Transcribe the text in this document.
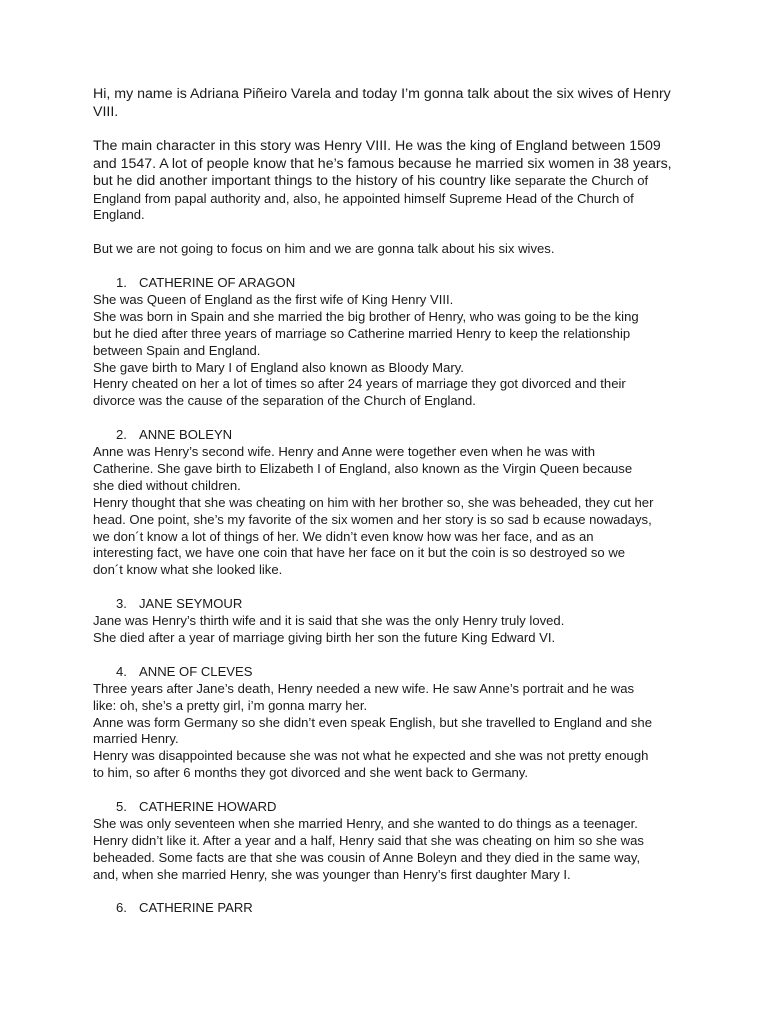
Hi, my name is Adriana Piñeiro Varela and today I’m gonna talk about the six wives of Henry
VIII.
The main character in this story was Henry VIII. He was the king of England between 1509
and 1547. A lot of people know that he’s famous because he married six women in 38 years,
but he did another important things to the history of his country like separate the Church of
England from papal authority and, also, he appointed himself Supreme Head of the Church of
England.
But we are not going to focus on him and we are gonna talk about his six wives.
1. CATHERINE OF ARAGON
She was Queen of England as the first wife of King Henry VIII.
She was born in Spain and she married the big brother of Henry, who was going to be the king
but he died after three years of marriage so Catherine married Henry to keep the relationship
between Spain and England.
She gave birth to Mary I of England also known as Bloody Mary.
Henry cheated on her a lot of times so after 24 years of marriage they got divorced and their
divorce was the cause of the separation of the Church of England.
2. ANNE BOLEYN
Anne was Henry’s second wife. Henry and Anne were together even when he was with
Catherine. She gave birth to Elizabeth I of England, also known as the Virgin Queen because
she died without children.
Henry thought that she was cheating on him with her brother so, she was beheaded, they cut her
head. One point, she’s my favorite of the six women and her story is so sad b ecause nowadays,
we don´t know a lot of things of her. We didn’t even know how was her face, and as an
interesting fact, we have one coin that have her face on it but the coin is so destroyed so we
don´t know what she looked like.
3. JANE SEYMOUR
Jane was Henry’s thirth wife and it is said that she was the only Henry truly loved.
She died after a year of marriage giving birth her son the future King Edward VI.
4. ANNE OF CLEVES
Three years after Jane’s death, Henry needed a new wife. He saw Anne’s portrait and he was
like: oh, she’s a pretty girl, i’m gonna marry her.
Anne was form Germany so she didn’t even speak English, but she travelled to England and she
married Henry.
Henry was disappointed because she was not what he expected and she was not pretty enough
to him, so after 6 months they got divorced and she went back to Germany.
5. CATHERINE HOWARD
She was only seventeen when she married Henry, and she wanted to do things as a teenager.
Henry didn’t like it. After a year and a half, Henry said that she was cheating on him so she was
beheaded. Some facts are that she was cousin of Anne Boleyn and they died in the same way,
and, when she married Henry, she was younger than Henry’s first daughter Mary I.
6. CATHERINE PARR
